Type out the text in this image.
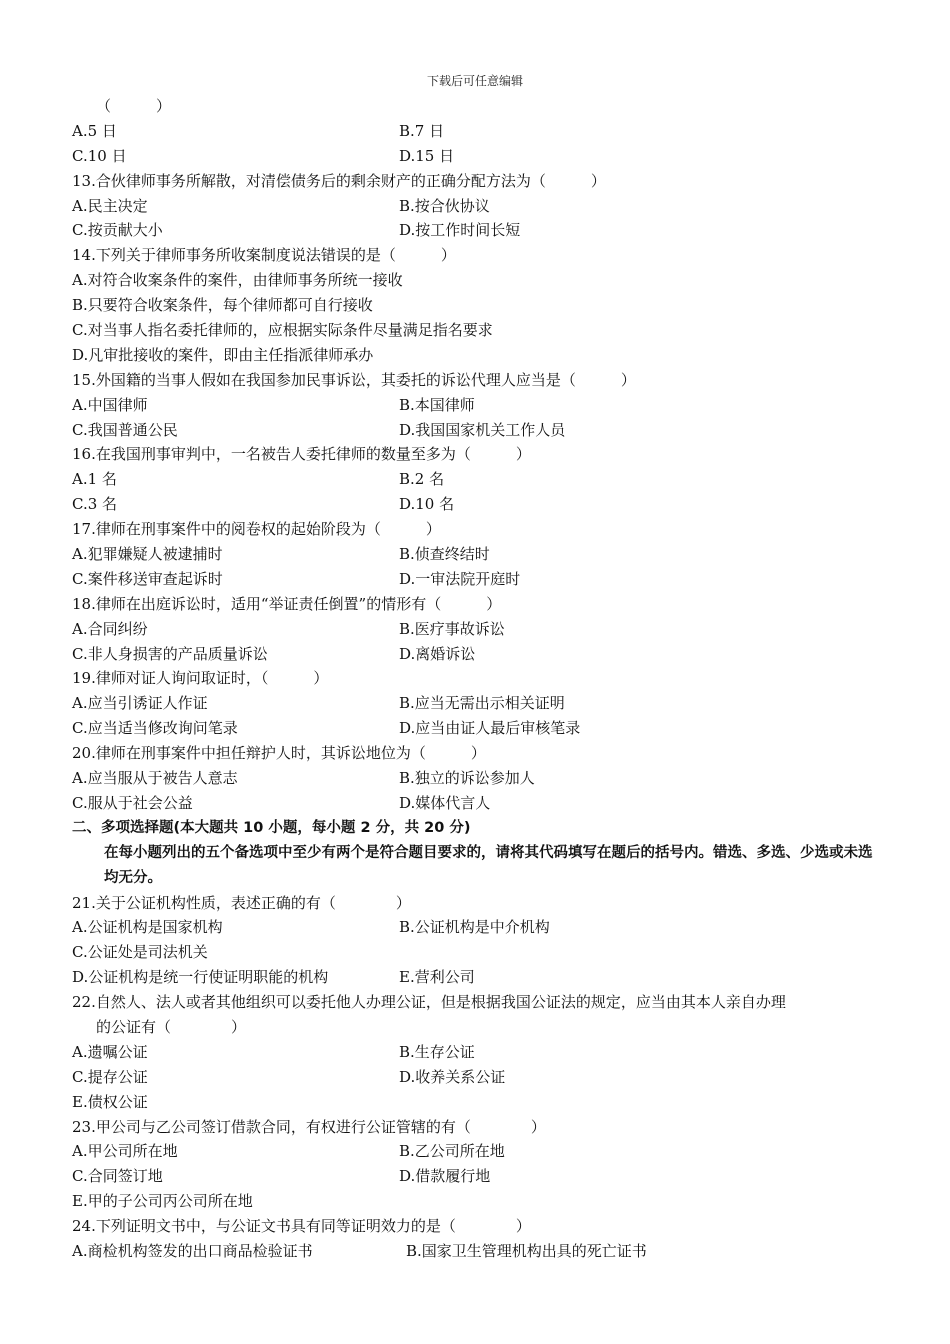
下载后可任意编辑
（　　　）
A.5 日	B.7 日
C.10 日	D.15 日
13.合伙律师事务所解散，对清偿债务后的剩余财产的正确分配方法为（　　　）
A.民主决定	B.按合伙协议
C.按贡献大小	D.按工作时间长短
14.下列关于律师事务所收案制度说法错误的是（　　　）
A.对符合收案条件的案件，由律师事务所统一接收
B.只要符合收案条件，每个律师都可自行接收
C.对当事人指名委托律师的，应根据实际条件尽量满足指名要求
D.凡审批接收的案件，即由主任指派律师承办
15.外国籍的当事人假如在我国参加民事诉讼，其委托的诉讼代理人应当是（　　　）
A.中国律师	B.本国律师
C.我国普通公民	D.我国国家机关工作人员
16.在我国刑事审判中，一名被告人委托律师的数量至多为（　　　）
A.1 名	B.2 名
C.3 名	D.10 名
17.律师在刑事案件中的阅卷权的起始阶段为（　　　）
A.犯罪嫌疑人被逮捕时	B.侦查终结时
C.案件移送审查起诉时	D.一审法院开庭时
18.律师在出庭诉讼时，适用“举证责任倒置”的情形有（　　　）
A.合同纠纷	B.医疗事故诉讼
C.非人身损害的产品质量诉讼	D.离婚诉讼
19.律师对证人询问取证时，（　　　）
A.应当引诱证人作证	B.应当无需出示相关证明
C.应当适当修改询问笔录	D.应当由证人最后审核笔录
20.律师在刑事案件中担任辩护人时，其诉讼地位为（　　　）
A.应当服从于被告人意志	B.独立的诉讼参加人
C.服从于社会公益	D.媒体代言人
二、多项选择题(本大题共 10 小题，每小题 2 分，共 20 分)
在每小题列出的五个备选项中至少有两个是符合题目要求的，请将其代码填写在题后的括号内。错选、多选、少选或未选均无分。
21.关于公证机构性质，表述正确的有（　　　　）
A.公证机构是国家机构	B.公证机构是中介机构
C.公证处是司法机关
D.公证机构是统一行使证明职能的机构	E.营利公司
22.自然人、法人或者其他组织可以委托他人办理公证，但是根据我国公证法的规定，应当由其本人亲自办理
的公证有（　　　　）
A.遗嘱公证	B.生存公证
C.提存公证	D.收养关系公证
E.债权公证
23.甲公司与乙公司签订借款合同，有权进行公证管辖的有（　　　　）
A.甲公司所在地	B.乙公司所在地
C.合同签订地	D.借款履行地
E.甲的子公司丙公司所在地
24.下列证明文书中，与公证文书具有同等证明效力的是（　　　　）
A.商检机构签发的出口商品检验证书	B.国家卫生管理机构出具的死亡证书
